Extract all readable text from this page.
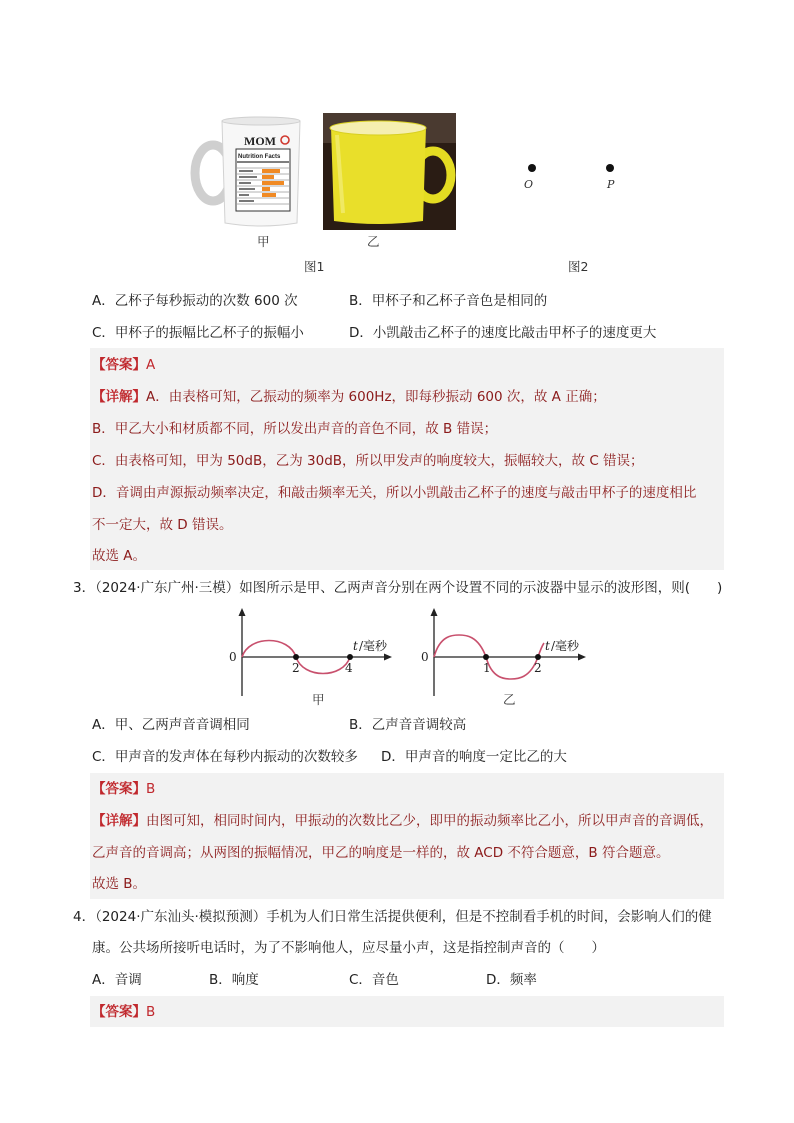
MOM
Nutrition Facts
甲	乙
图1
O	P
图2
A．乙杯子每秒振动的次数 600 次	B．甲杯子和乙杯子音色是相同的
C．甲杯子的振幅比乙杯子的振幅小	D．小凯敲击乙杯子的速度比敲击甲杯子的速度更大
【答案】A
【详解】A．由表格可知，乙振动的频率为 600Hz，即每秒振动 600 次，故 A 正确；
B．甲乙大小和材质都不同，所以发出声音的音色不同，故 B 错误；
C．由表格可知，甲为 50dB，乙为 30dB，所以甲发声的响度较大，振幅较大，故 C 错误；
D．音调由声源振动频率决定，和敲击频率无关，所以小凯敲击乙杯子的速度与敲击甲杯子的速度相比
不一定大，故 D 错误。
故选 A。
3．（2024·广东广州·三模）如图所示是甲、乙两声音分别在两个设置不同的示波器中显示的波形图，则(　　)
0
2	4
t /毫秒
甲
0
1	2
t /毫秒
乙
A．甲、乙两声音音调相同	B．乙声音音调较高
C．甲声音的发声体在每秒内振动的次数较多 D．甲声音的响度一定比乙的大
【答案】B
【详解】由图可知，相同时间内，甲振动的次数比乙少，即甲的振动频率比乙小，所以甲声音的音调低，
乙声音的音调高；从两图的振幅情况，甲乙的响度是一样的，故 ACD 不符合题意，B 符合题意。
故选 B。
4．（2024·广东汕头·模拟预测）手机为人们日常生活提供便利，但是不控制看手机的时间，会影响人们的健
康。公共场所接听电话时，为了不影响他人，应尽量小声，这是指控制声音的（　　）
A．音调	B．响度	C．音色	D．频率
【答案】B
